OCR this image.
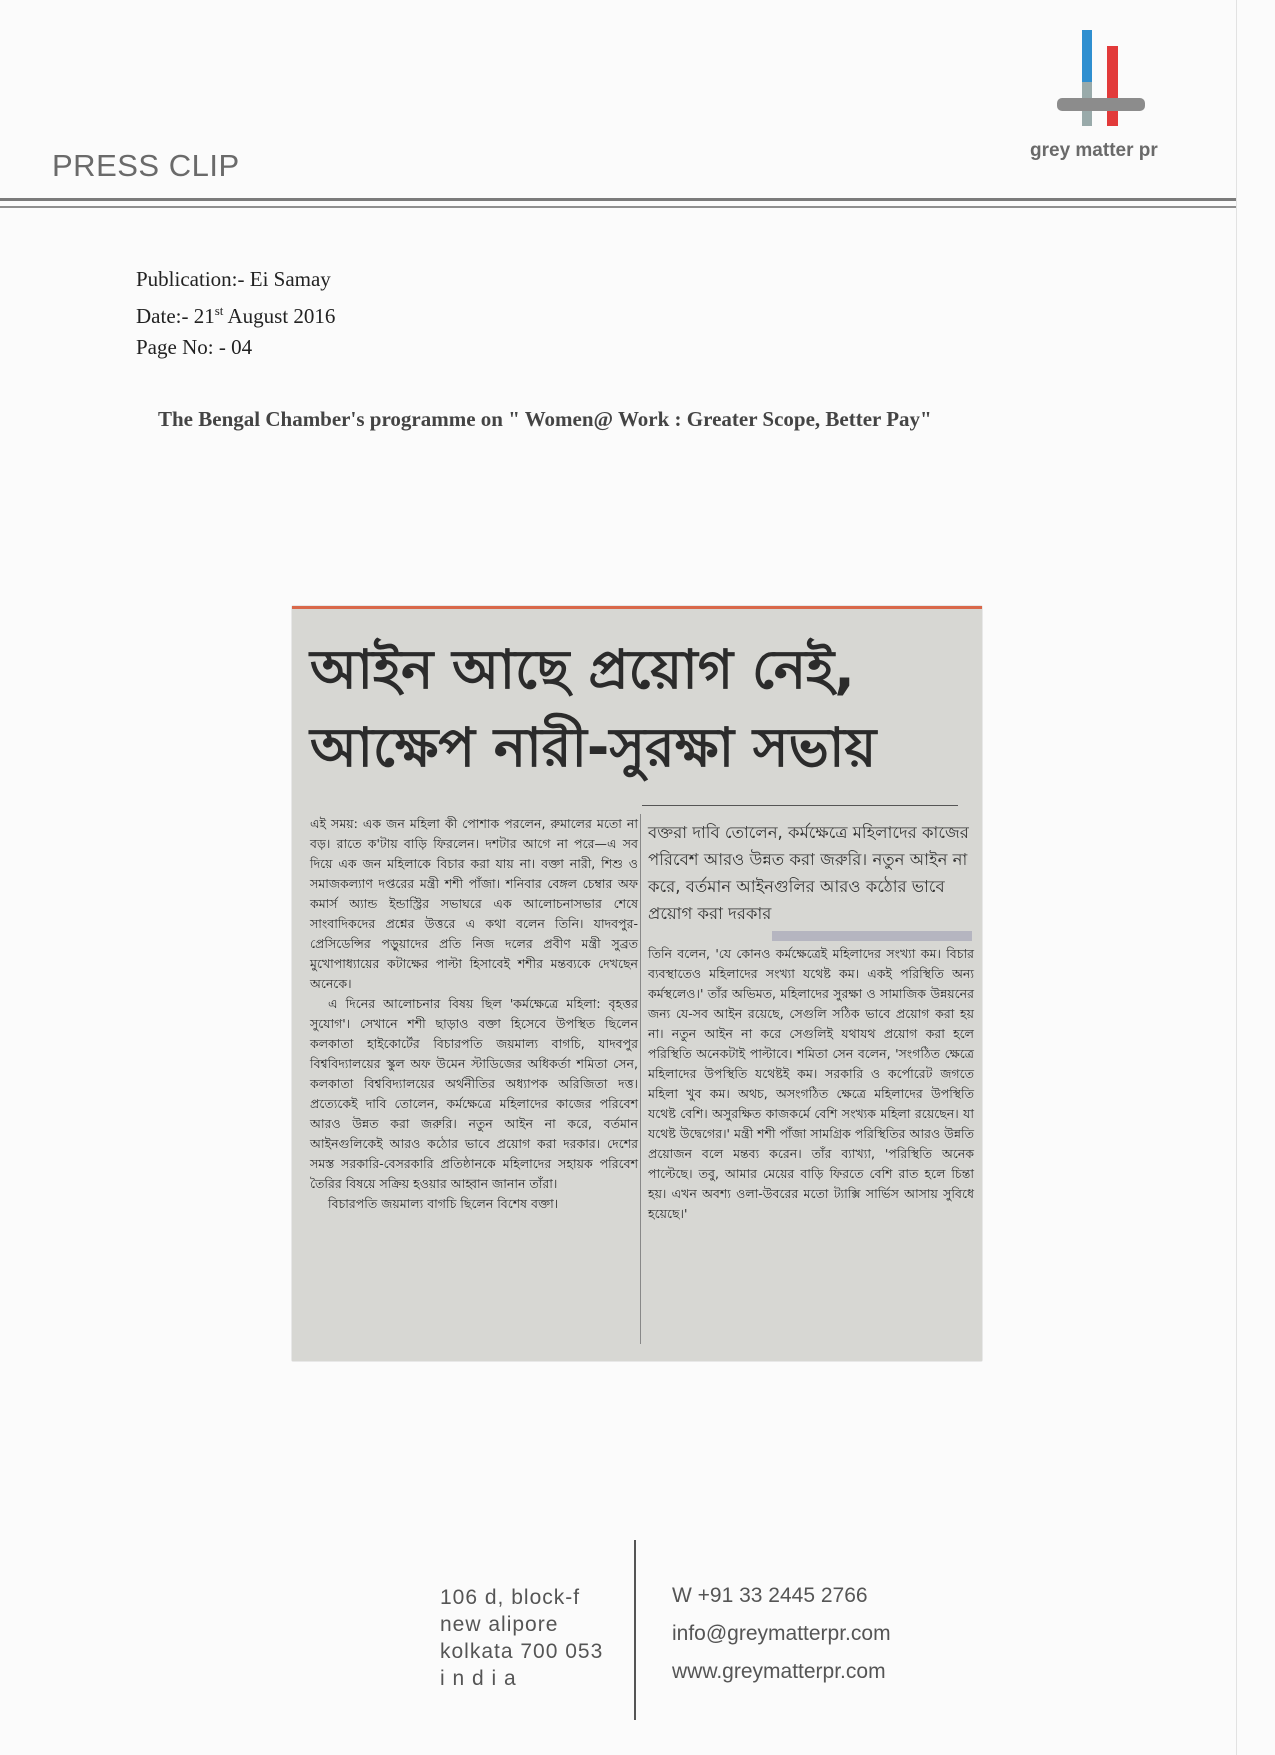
PRESS CLIP	grey matter pr
Publication:- Ei Samay
Date:- 21st August 2016
Page No: - 04
The Bengal Chamber's programme on " Women@ Work : Greater Scope, Better Pay"
আইন আছে প্রয়োগ নেই,
আক্ষেপ নারী-সুরক্ষা সভায়

এই সময়: এক জন মহিলা কী পোশাক পরলেন, রুমালের মতো না বড়। রাতে ক'টায় বাড়ি ফিরলেন। দশটার আগে না পরে—এ সব দিয়ে এক জন মহিলাকে বিচার করা যায় না। বক্তা নারী, শিশু ও সমাজকল্যাণ দপ্তরের মন্ত্রী শশী পাঁজা। শনিবার বেঙ্গল চেম্বার অফ কমার্স অ্যান্ড ইন্ডাস্ট্রির সভাঘরে এক আলোচনাসভার শেষে সাংবাদিকদের প্রশ্নের উত্তরে এ কথা বলেন তিনি। যাদবপুর-প্রেসিডেন্সির পড়ুয়াদের প্রতি নিজ দলের প্রবীণ মন্ত্রী সুব্রত মুখোপাধ্যায়ের কটাক্ষের পাল্টা হিসাবেই শশীর মন্তব্যকে দেখছেন অনেকে।

এ দিনের আলোচনার বিষয় ছিল 'কর্মক্ষেত্রে মহিলা: বৃহত্তর সুযোগ'। সেখানে শশী ছাড়াও বক্তা হিসেবে উপস্থিত ছিলেন কলকাতা হাইকোর্টের বিচারপতি জয়মাল্য বাগচি, যাদবপুর বিশ্ববিদ্যালয়ের স্কুল অফ উমেন স্টাডিজের অধিকর্তা শমিতা সেন, কলকাতা বিশ্ববিদ্যালয়ের অর্থনীতির অধ্যাপক অরিজিতা দত্ত। প্রত্যেকেই দাবি তোলেন, কর্মক্ষেত্রে মহিলাদের কাজের পরিবেশ আরও উন্নত করা জরুরি। নতুন আইন না করে, বর্তমান আইনগুলিকেই আরও কঠোর ভাবে প্রয়োগ করা দরকার। দেশের সমস্ত সরকারি-বেসরকারি প্রতিষ্ঠানকে মহিলাদের সহায়ক পরিবেশ তৈরির বিষয়ে সক্রিয় হওয়ার আহ্বান জানান তাঁরা।

বিচারপতি জয়মাল্য বাগচি ছিলেন বিশেষ বক্তা।

বক্তরা দাবি তোলেন, কর্মক্ষেত্রে মহিলাদের কাজের পরিবেশ আরও উন্নত করা জরুরি। নতুন আইন না করে, বর্তমান আইনগুলির আরও কঠোর ভাবে প্রয়োগ করা দরকার

তিনি বলেন, 'যে কোনও কর্মক্ষেত্রেই মহিলাদের সংখ্যা কম। বিচার ব্যবস্থাতেও মহিলাদের সংখ্যা যথেষ্ট কম। একই পরিস্থিতি অন্য কর্মস্থলেও।' তাঁর অভিমত, মহিলাদের সুরক্ষা ও সামাজিক উন্নয়নের জন্য যে-সব আইন রয়েছে, সেগুলি সঠিক ভাবে প্রয়োগ করা হয় না। নতুন আইন না করে সেগুলিই যথাযথ প্রয়োগ করা হলে পরিস্থিতি অনেকটাই পাল্টাবে। শমিতা সেন বলেন, 'সংগঠিত ক্ষেত্রে মহিলাদের উপস্থিতি যথেষ্টই কম। সরকারি ও কর্পোরেট জগতে মহিলা খুব কম। অথচ, অসংগঠিত ক্ষেত্রে মহিলাদের উপস্থিতি যথেষ্ট বেশি। অসুরক্ষিত কাজকর্মে বেশি সংখ্যক মহিলা রয়েছেন। যা যথেষ্ট উদ্বেগের।' মন্ত্রী শশী পাঁজা সামগ্রিক পরিস্থিতির আরও উন্নতি প্রয়োজন বলে মন্তব্য করেন। তাঁর ব্যাখ্যা, 'পরিস্থিতি অনেক পাল্টেছে। তবু, আমার মেয়ের বাড়ি ফিরতে বেশি রাত হলে চিন্তা হয়। এখন অবশ্য ওলা-উবরের মতো ট্যাক্সি সার্ভিস আসায় সুবিধে হয়েছে।'

106 d, block-f
new alipore
kolkata 700 053
i n d i a
W +91 33 2445 2766
info@greymatterpr.com
www.greymatterpr.com
